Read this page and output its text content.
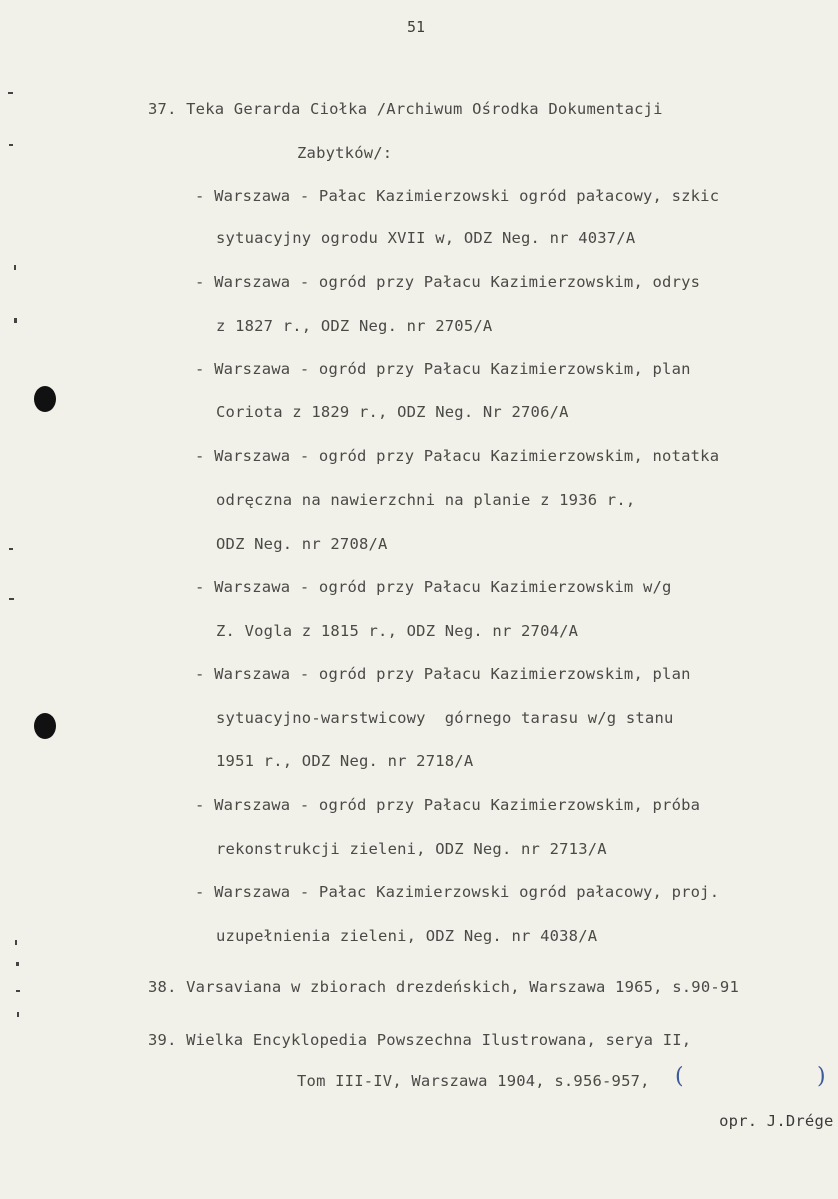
51
37. Teka Gerarda Ciołka /Archiwum Ośrodka Dokumentacji
Zabytków/:
- Warszawa - Pałac Kazimierzowski ogród pałacowy, szkic
sytuacyjny ogrodu XVII w, ODZ Neg. nr 4037/A
- Warszawa - ogród przy Pałacu Kazimierzowskim, odrys
z 1827 r., ODZ Neg. nr 2705/A
- Warszawa - ogród przy Pałacu Kazimierzowskim, plan
Coriota z 1829 r., ODZ Neg. Nr 2706/A
- Warszawa - ogród przy Pałacu Kazimierzowskim, notatka
odręczna na nawierzchni na planie z 1936 r.,
ODZ Neg. nr 2708/A
- Warszawa - ogród przy Pałacu Kazimierzowskim w/g
Z. Vogla z 1815 r., ODZ Neg. nr 2704/A
- Warszawa - ogród przy Pałacu Kazimierzowskim, plan
sytuacyjno-warstwicowy  górnego tarasu w/g stanu
1951 r., ODZ Neg. nr 2718/A
- Warszawa - ogród przy Pałacu Kazimierzowskim, próba
rekonstrukcji zieleni, ODZ Neg. nr 2713/A
- Warszawa - Pałac Kazimierzowski ogród pałacowy, proj.
uzupełnienia zieleni, ODZ Neg. nr 4038/A
38. Varsaviana w zbiorach drezdeńskich, Warszawa 1965, s.90-91
39. Wielka Encyklopedia Powszechna Ilustrowana, serya II,
Tom III-IV, Warszawa 1904, s.956-957,

(

opr. J.Drége

)
